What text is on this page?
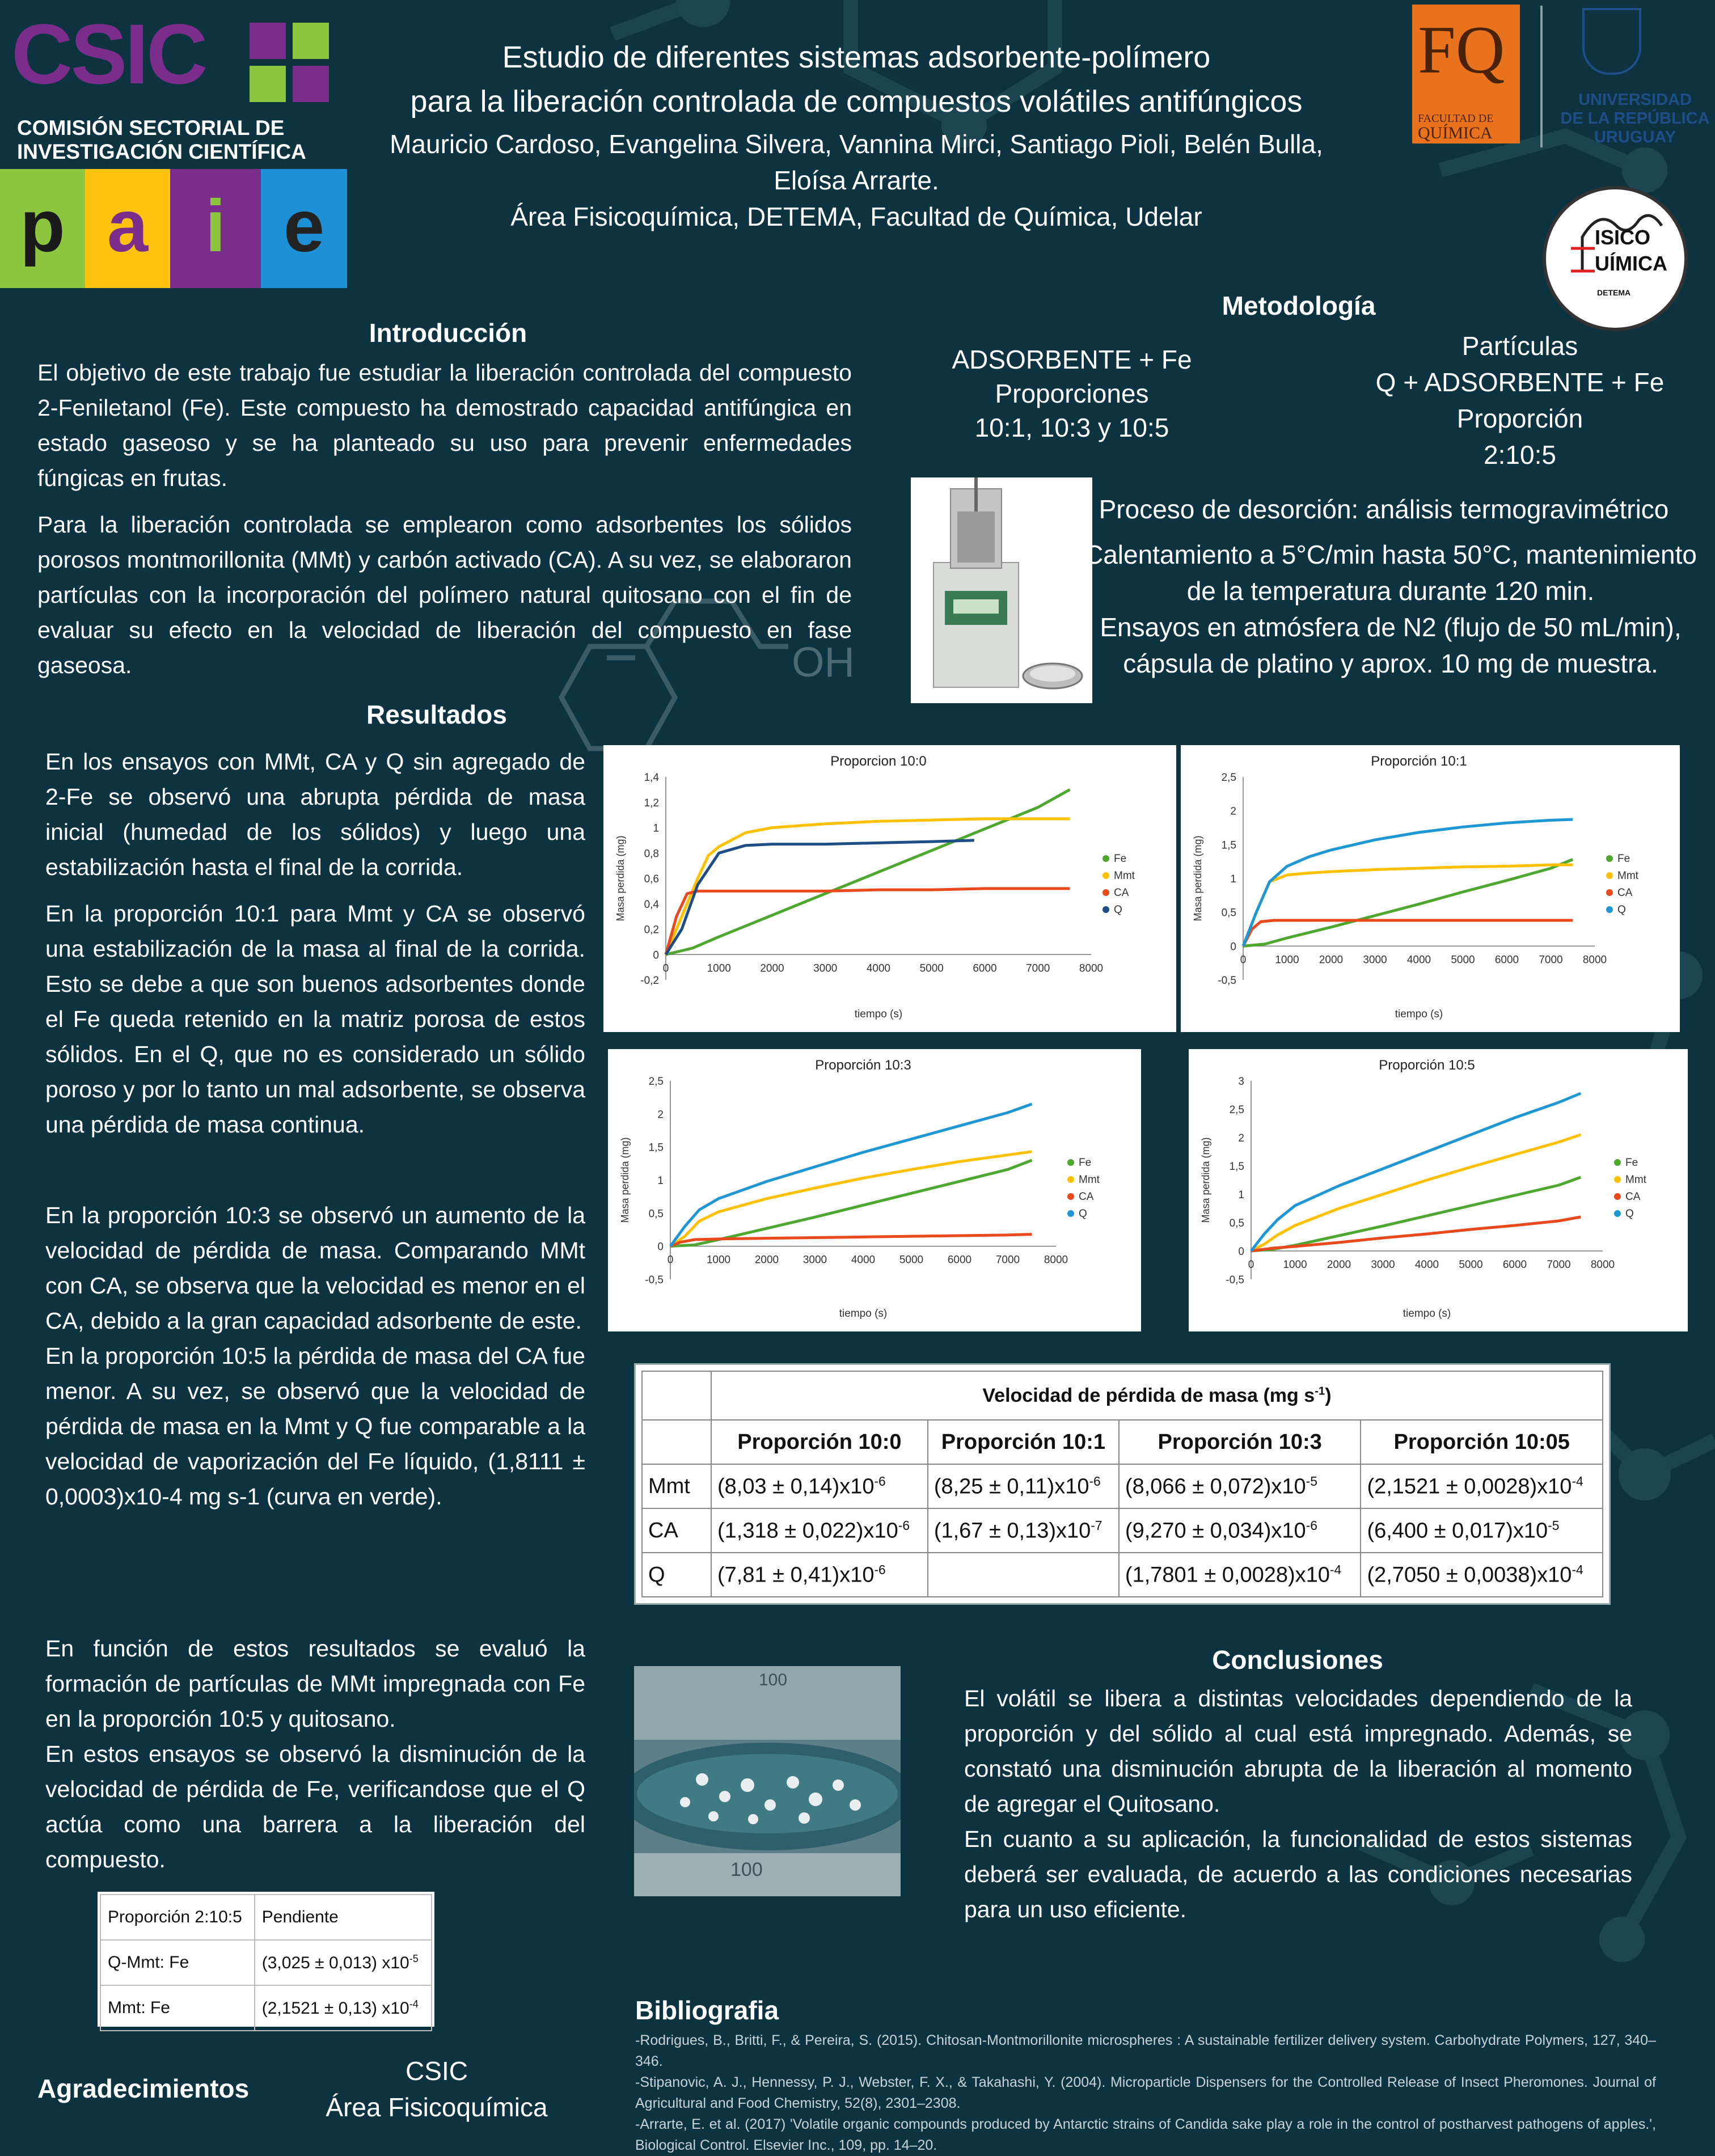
CSIC
COMISIÓN SECTORIAL DE
INVESTIGACIÓN CIENTÍFICA
p a i e
Estudio de diferentes sistemas adsorbente-polímero
para la liberación controlada de compuestos volátiles antifúngicos
Mauricio Cardoso, Evangelina Silvera, Vannina Mirci, Santiago Pioli, Belén Bulla,
Eloísa Arrarte.
Área Fisicoquímica, DETEMA, Facultad de Química, Udelar
FQ
FACULTAD DE
QUÍMICA
UNIVERSIDAD
DE LA REPÚBLICA
URUGUAY
ISICO
UÍMICA
DETEMA
Introducción

El objetivo de este trabajo fue estudiar la liberación controlada del compuesto 2-Feniletanol (Fe). Este compuesto ha demostrado capacidad antifúngica en estado gaseoso y se ha planteado su uso para prevenir enfermedades fúngicas en frutas.

Para la liberación controlada se emplearon como adsorbentes los sólidos porosos montmorillonita (MMt) y carbón activado (CA). A su vez, se elaboraron partículas con la incorporación del polímero natural quitosano con el fin de evaluar su efecto en la velocidad de liberación del compuesto en fase gaseosa.	OH
Metodología
ADSORBENTE + Fe
Proporciones
10:1, 10:3 y 10:5
Partículas
Q + ADSORBENTE + Fe
Proporción
2:10:5
Proceso de desorción: análisis termogravimétrico
Calentamiento a 5°C/min hasta 50°C, mantenimiento
de la temperatura durante 120 min.
Ensayos en atmósfera de N2 (flujo de 50 mL/min),
cápsula de platino y aprox. 10 mg de muestra.
Resultados

En los ensayos con MMt, CA y Q sin agregado de 2-Fe se observó una abrupta pérdida de masa inicial (humedad de los sólidos) y luego una estabilización hasta el final de la corrida.

En la proporción 10:1 para Mmt y CA se observó una estabilización de la masa al final de la corrida. Esto se debe a que son buenos adsorbentes donde el Fe queda retenido en la matriz porosa de estos sólidos. En el Q, que no es considerado un sólido poroso y por lo tanto un mal adsorbente, se observa una pérdida de masa continua.

En la proporción 10:3 se observó un aumento de la velocidad de pérdida de masa. Comparando MMt con CA, se observa que la velocidad es menor en el CA, debido a la gran capacidad adsorbente de este.

En la proporción 10:5 la pérdida de masa del CA fue menor. A su vez, se observó que la velocidad de pérdida de masa en la Mmt y Q fue comparable a la velocidad de vaporización del Fe líquido, (1,8111 ± 0,0003)x10-4 mg s-1 (curva en verde).

En función de estos resultados se evaluó la formación de partículas de MMt impregnada con Fe en la proporción 10:5 y quitosano.

En estos ensayos se observó la disminución de la velocidad de pérdida de Fe, verificandose que el Q actúa como una barrera a la liberación del compuesto.

Proporción 2:10:5	Pendiente
Q-Mmt: Fe	(3,025 ± 0,013) $x10^{-5}$
Mmt: Fe	(2,1521 ± 0,13) $x10^{-4}$
Proporcion 10:0
-0,2
0
0,2
0,4
0,6
0,8
1
1,2
1,4
0	1000	2000	3000	4000	5000	6000	7000	8000
tiempo (s)
Masa perdida (mg)	Fe
Mmt
CA
Q
Proporción 10:1
-0,5
0
0,5
1
1,5
2
2,5
0	1000 2000 3000 4000 5000 6000 7000 8000
tiempo (s)
Masa perdida (mg)	Fe
Mmt
CA
Q
Proporción 10:3
-0,5
0
0,5
1
1,5
2
2,5
0	1000 2000 3000 4000 5000 6000 7000 8000
tiempo (s)
Masa perdida (mg)	Fe
Mmt
CA
Q
Proporción 10:5
-0,5
0
0,5
1
1,5
2
2,5
3
0	1000 2000 3000 4000 5000 6000 7000 8000
tiempo (s)
Masa perdida (mg)	Fe
Mmt
CA
Q
	Velocidad de pérdida de masa (mg $s^{-1}$)			
	Proporción 10:0	Proporción 10:1	Proporción 10:3	Proporción 10:05
Mmt	$(8,03 \pm 0,14)x10^{-6}$	$(8,25 \pm 0,11)x10^{-6}$	$(8,066 \pm 0,072)x10^{-5}$	$(2,1521 \pm 0,0028)x10^{-4}$
CA	$(1,318 \pm 0,022)x10^{-6}$	$(1,67 \pm 0,13)x10^{-7}$	$(9,270 \pm 0,034)x10^{-6}$	$(6,400 \pm 0,017)x10^{-5}$
Q	$(7,81 \pm 0,41)x10^{-6}$		$(1,7801 \pm 0,0028)x10^{-4}$	$(2,7050 \pm 0,0038)x10^{-4}$
100
100
Conclusiones

El volátil se libera a distintas velocidades dependiendo de la proporción y del sólido al cual está impregnado. Además, se constató una disminución abrupta de la liberación al momento de agregar el Quitosano.

En cuanto a su aplicación, la funcionalidad de estos sistemas deberá ser evaluada, de acuerdo a las condiciones necesarias para un uso eficiente.

Bibliografia
-Rodrigues, B., Britti, F., & Pereira, S. (2015). Chitosan-Montmorillonite microspheres : A sustainable fertilizer delivery system. Carbohydrate Polymers, 127, 340–346.
-Stipanovic, A. J., Hennessy, P. J., Webster, F. X., & Takahashi, Y. (2004). Microparticle Dispensers for the Controlled Release of Insect Pheromones. Journal of Agricultural and Food Chemistry, 52(8), 2301–2308.
-Arrarte, E. et al. (2017) 'Volatile organic compounds produced by Antarctic strains of Candida sake play a role in the control of postharvest pathogens of apples.', Biological Control. Elsevier Inc., 109, pp. 14–20.
Agradecimientos
CSIC
Área Fisicoquímica
